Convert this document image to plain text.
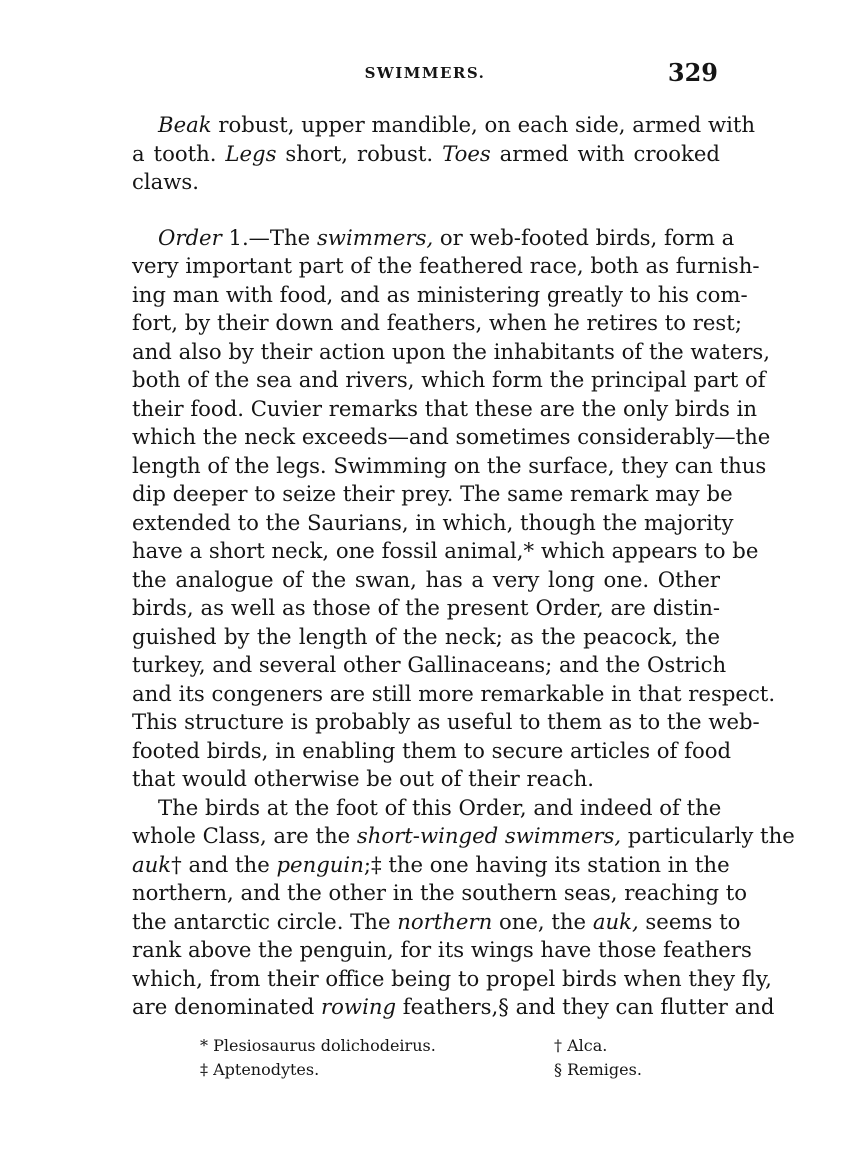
SWIMMERS.	329
Beak robust, upper mandible, on each side, armed with
a tooth. Legs short, robust. Toes armed with crooked
claws.
Order 1.—The swimmers, or web-footed birds, form a
very important part of the feathered race, both as furnish-
ing man with food, and as ministering greatly to his com-
fort, by their down and feathers, when he retires to rest;
and also by their action upon the inhabitants of the waters,
both of the sea and rivers, which form the principal part of
their food. Cuvier remarks that these are the only birds in
which the neck exceeds—and sometimes considerably—the
length of the legs. Swimming on the surface, they can thus
dip deeper to seize their prey. The same remark may be
extended to the Saurians, in which, though the majority
have a short neck, one fossil animal,* which appears to be
the analogue of the swan, has a very long one. Other
birds, as well as those of the present Order, are distin-
guished by the length of the neck; as the peacock, the
turkey, and several other Gallinaceans; and the Ostrich
and its congeners are still more remarkable in that respect.
This structure is probably as useful to them as to the web-
footed birds, in enabling them to secure articles of food
that would otherwise be out of their reach.
The birds at the foot of this Order, and indeed of the
whole Class, are the short-winged swimmers, particularly the
auk† and the penguin;‡ the one having its station in the
northern, and the other in the southern seas, reaching to
the antarctic circle. The northern one, the auk, seems to
rank above the penguin, for its wings have those feathers
which, from their office being to propel birds when they fly,
are denominated rowing feathers,§ and they can flutter and
* Plesiosaurus dolichodeirus.	† Alca.
‡ Aptenodytes.	§ Remiges.
